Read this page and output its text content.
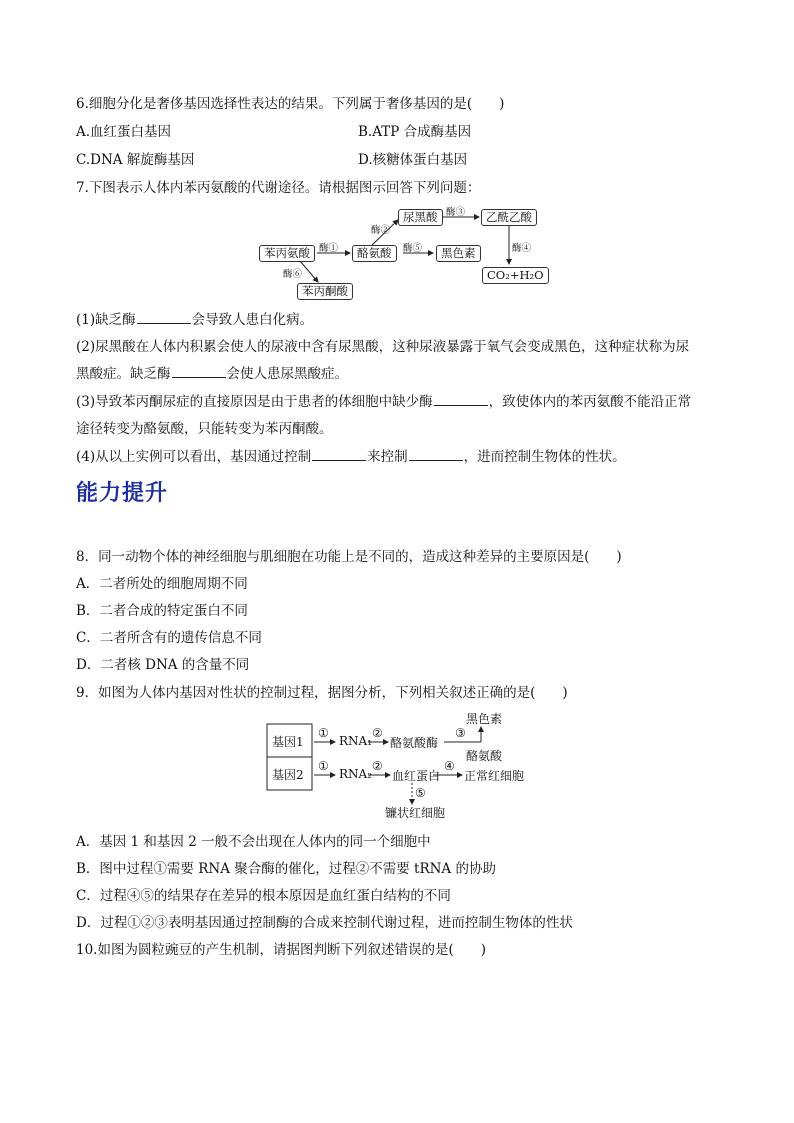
6.细胞分化是奢侈基因选择性表达的结果。下列属于奢侈基因的是(　　)
A.血红蛋白基因	B.ATP 合成酶基因
C.DNA 解旋酶基因	D.核糖体蛋白基因
7.下图表示人体内苯丙氨酸的代谢途径。请根据图示回答下列问题：
苯丙氨酸	酪氨酸
尿黑酸	乙酰乙酸
黑色素
CO₂+H₂O
苯丙酮酸
酶①
酶②
酶③
酶④
酶⑤
酶⑥
(1)缺乏酶	会导致人患白化病。
(2)尿黑酸在人体内积累会使人的尿液中含有尿黑酸，这种尿液暴露于氧气会变成黑色，这种症状称为尿
黑酸症。缺乏酶	会使人患尿黑酸症。
(3)导致苯丙酮尿症的直接原因是由于患者的体细胞中缺少酶	，致使体内的苯丙氨酸不能沿正常
途径转变为酪氨酸，只能转变为苯丙酮酸。
(4)从以上实例可以看出，基因通过控制	来控制	，进而控制生物体的性状。
能力提升
8．同一动物个体的神经细胞与肌细胞在功能上是不同的，造成这种差异的主要原因是(　　)
A．二者所处的细胞周期不同
B．二者合成的特定蛋白不同
C．二者所含有的遗传信息不同
D．二者核 DNA 的含量不同
9．如图为人体内基因对性状的控制过程，据图分析，下列相关叙述正确的是(　　)
基因1
基因2
①
RNA₁
②
酪氨酸酶
③
黑色素
酪氨酸
①
RNA₂
②
血红蛋白
④
正常红细胞
⑤
镰状红细胞
A．基因 1 和基因 2 一般不会出现在人体内的同一个细胞中
B．图中过程①需要 RNA 聚合酶的催化，过程②不需要 tRNA 的协助
C．过程④⑤的结果存在差异的根本原因是血红蛋白结构的不同
D．过程①②③表明基因通过控制酶的合成来控制代谢过程，进而控制生物体的性状
10.如图为圆粒豌豆的产生机制，请据图判断下列叙述错误的是(　　)
